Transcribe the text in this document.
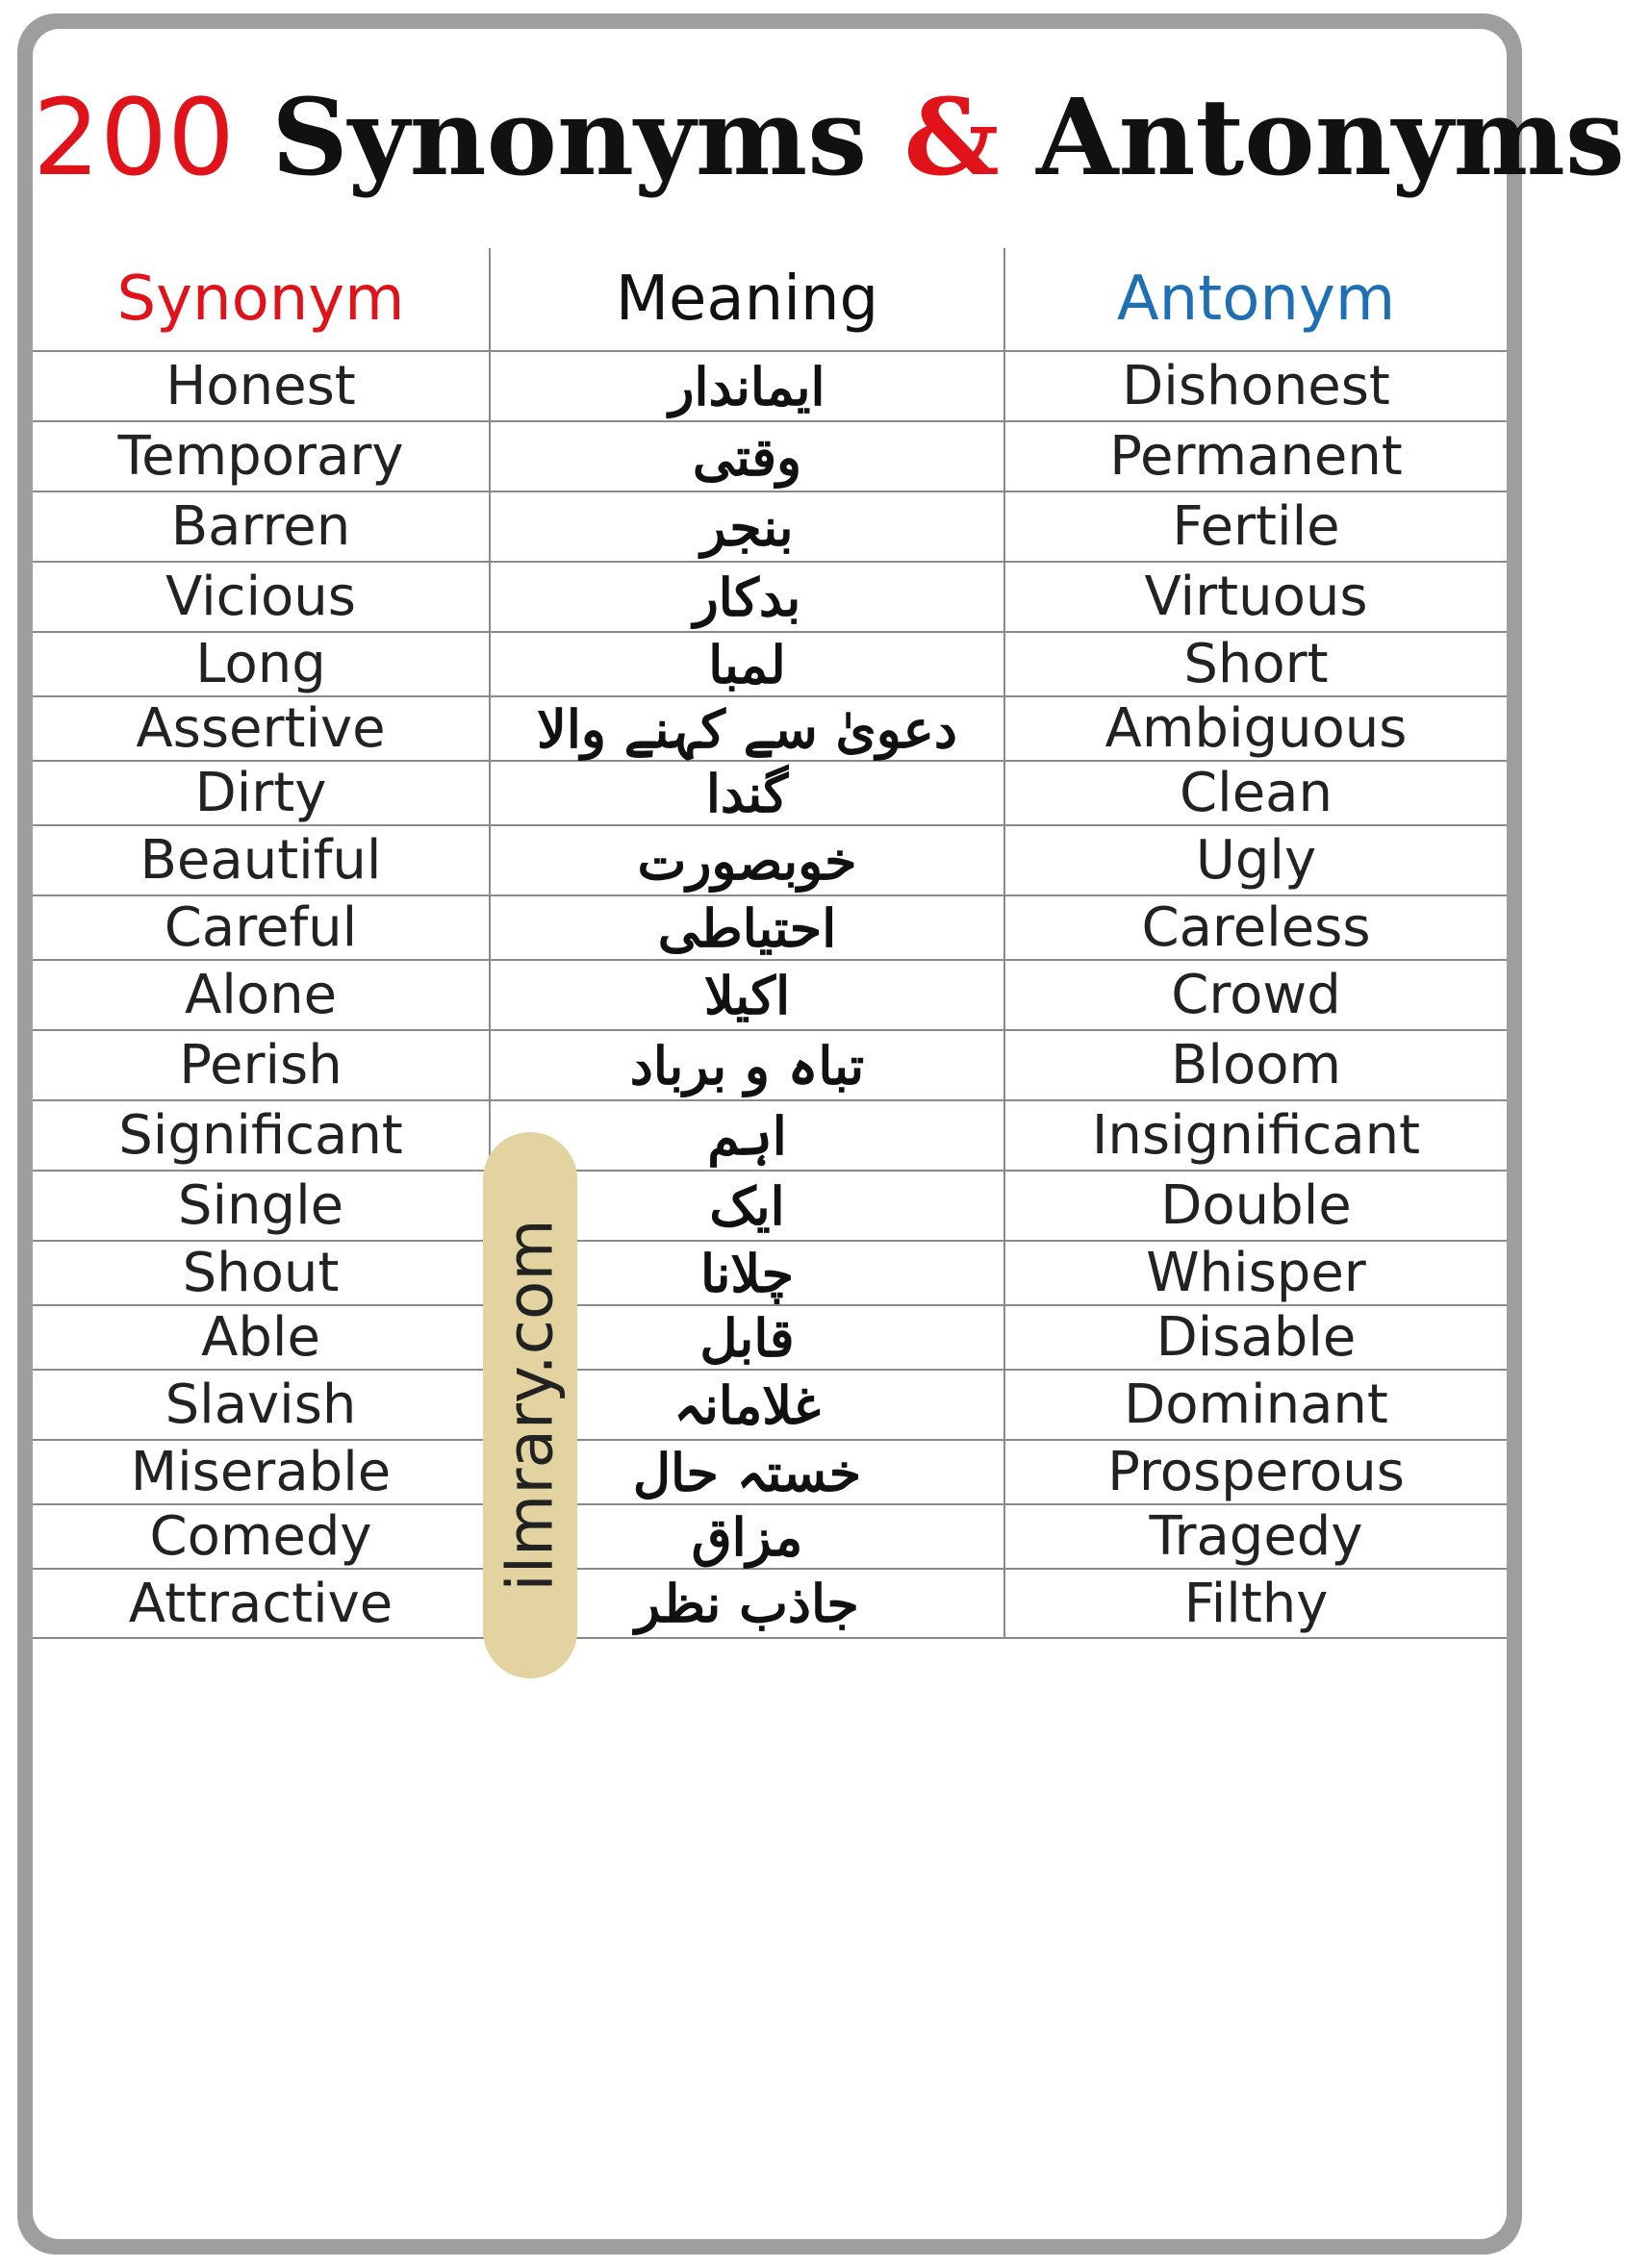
200 Synonyms & Antonyms
Synonym	Meaning	Antonym
Honest	ایماندار	Dishonest
Temporary	وقتی	Permanent
Barren	بنجر	Fertile
Vicious	بدکار	Virtuous
Long	لمبا	Short
Assertive	دعویٰ سے کہنے والا	Ambiguous
Dirty	گندا	Clean
Beautiful	خوبصورت	Ugly
Careful	احتیاطی	Careless
Alone	اکیلا	Crowd
Perish	تباہ و برباد	Bloom
Significant	اہم	Insignificant
Single	ایک	Double
Shout	چلانا	Whisper
Able	قابل	Disable
Slavish	غلامانہ	Dominant
Miserable	خستہ حال	Prosperous
Comedy	مزاق	Tragedy
Attractive	جاذب نظر	Filthy
ilmrary.com
